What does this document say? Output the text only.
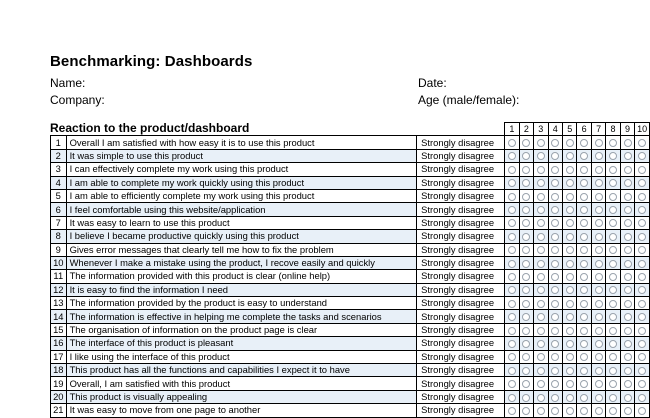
Benchmarking: Dashboards
Name:	Date:
Company:	Age (male/female):
Reaction to the product/dashboard
				1	2	3	4	5	6	7	8	9	10
1	Overall I am satisfied with how easy it is to use this product	Strongly disagree										
2	It was simple to use this product	Strongly disagree										
3	I can effectively complete my work using this product	Strongly disagree										
4	I am able to complete my work quickly using this product	Strongly disagree										
5	I am able to efficiently complete my work using this product	Strongly disagree										
6	I feel comfortable using this website/application	Strongly disagree										
7	It was easy to learn to use this product	Strongly disagree										
8	I believe I became productive quickly using this product	Strongly disagree										
9	Gives error messages that clearly tell me how to fix the problem	Strongly disagree										
10	Whenever I make a mistake using the product, I recove easily and quickly	Strongly disagree										
11	The information provided with this product is clear (online help)	Strongly disagree										
12	It is easy to find the information I need	Strongly disagree										
13	The information provided by the product is easy to understand	Strongly disagree										
14	The information is effective in helping me complete the tasks and scenarios	Strongly disagree										
15	The organisation of information on the product page is clear	Strongly disagree										
16	The interface of this product is pleasant	Strongly disagree										
17	I like using the interface of this product	Strongly disagree										
18	This product has all the functions and capabilities I expect it to have	Strongly disagree										
19	Overall, I am satisfied with this product	Strongly disagree										
20	This product is visually appealing	Strongly disagree										
21	It was easy to move from one page to another	Strongly disagree										
